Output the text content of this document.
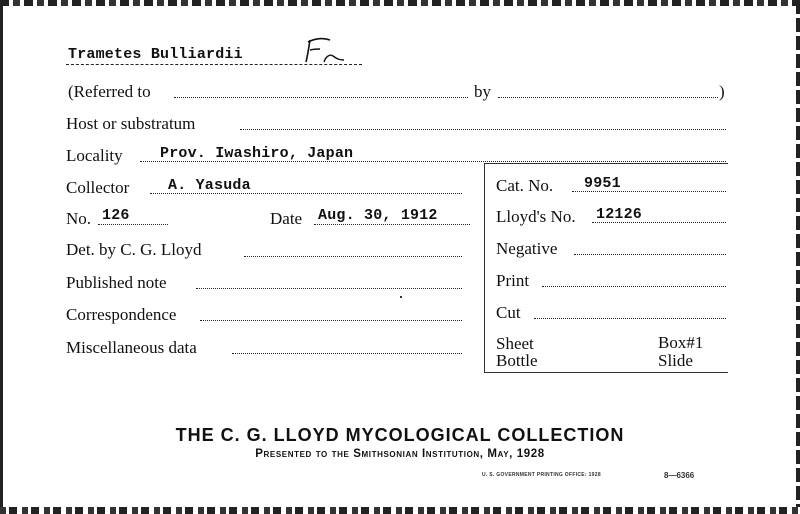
Trametes Bulliardii
(Referred to	by	)
Host or substratum
Locality Prov. Iwashiro, Japan
Collector	A. Yasuda
No. 126	Date Aug. 30, 1912
Det. by C. G. Lloyd
Published note
Correspondence
Miscellaneous data
Cat. No. 9951
Lloyd's No. 12126
Negative
Print
Cut
Sheet	Box#1
Bottle	Slide
THE C. G. LLOYD MYCOLOGICAL COLLECTION
Presented to the Smithsonian Institution, May, 1928
U. S. GOVERNMENT PRINTING OFFICE: 1928	8—6366
